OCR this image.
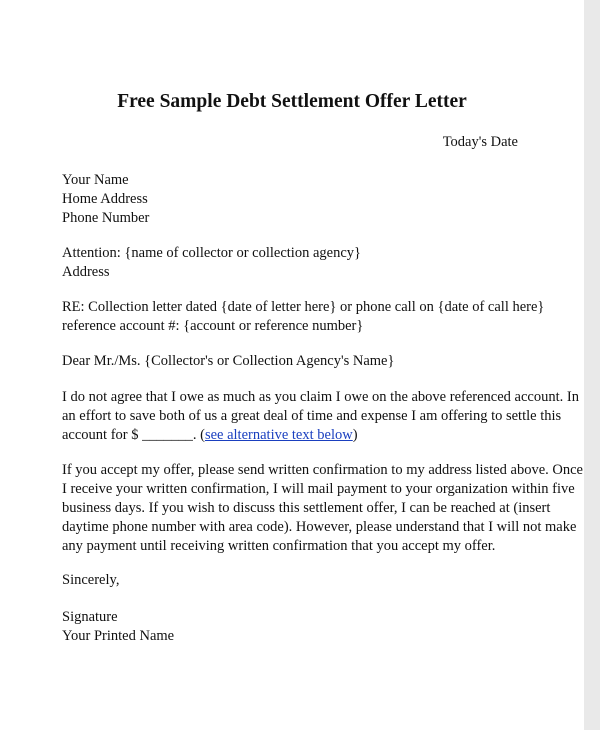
Free Sample Debt Settlement Offer Letter
Today's Date
Your Name
Home Address
Phone Number
Attention: {name of collector or collection agency}
Address
RE: Collection letter dated {date of letter here} or phone call on {date of call here}
reference account #: {account or reference number}
Dear Mr./Ms. {Collector's or Collection Agency's Name}
I do not agree that I owe as much as you claim I owe on the above referenced account. In
an effort to save both of us a great deal of time and expense I am offering to settle this
account for $ _______. (see alternative text below)
If you accept my offer, please send written confirmation to my address listed above. Once
I receive your written confirmation, I will mail payment to your organization within five
business days. If you wish to discuss this settlement offer, I can be reached at (insert
daytime phone number with area code). However, please understand that I will not make
any payment until receiving written confirmation that you accept my offer.
Sincerely,
Signature
Your Printed Name
